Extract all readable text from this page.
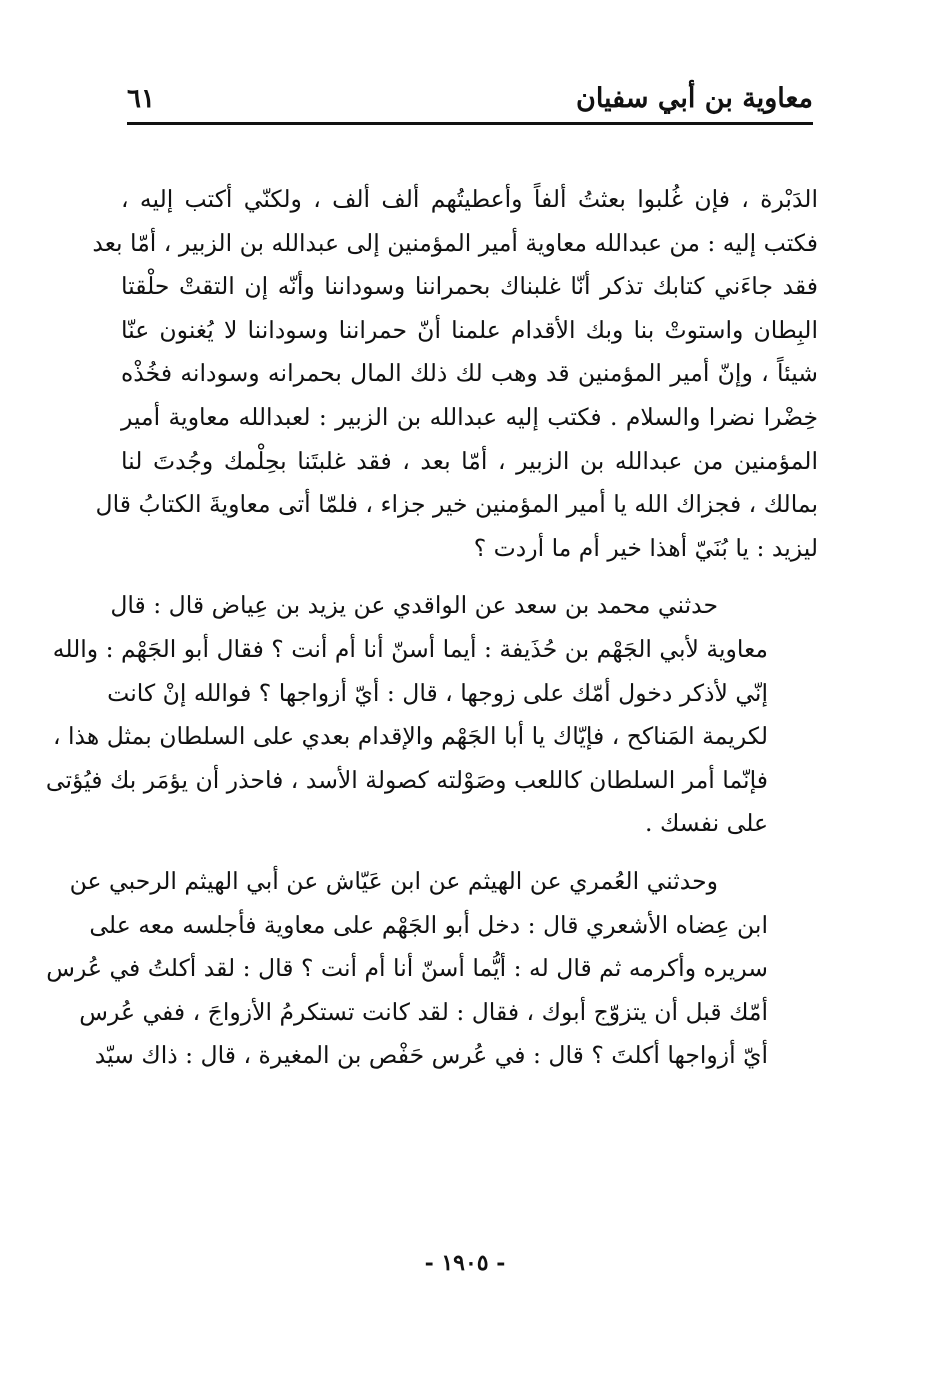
معاوية بن أبي سفيان
٦١
الدَبْرة ، فإن غُلبوا بعثتُ ألفاً وأعطيتُهم ألف ألف ، ولكنّي أكتب إليه ،
فكتب إليه : من عبدالله معاوية أمير المؤمنين إلى عبدالله بن الزبير ، أمّا بعد
فقد جاءَني كتابك تذكر أنّا غلبناك بحمراننا وسوداننا وأنّه إن التقتْ حلْقتا
البِطان واستوتْ بنا وبك الأقدام علمنا أنّ حمراننا وسوداننا لا يُغنون عنّا
شيئاً ، وإنّ أمير المؤمنين قد وهب لك ذلك المال بحمرانه وسودانه فخُذْه
خِضْرا نضرا والسلام . فكتب إليه عبدالله بن الزبير : لعبدالله معاوية أمير
المؤمنين من عبدالله بن الزبير ، أمّا بعد ، فقد غلبتَنا بحِلْمك وجُدتَ لنا
بمالك ، فجزاك الله يا أمير المؤمنين خير جزاء ، فلمّا أتى معاويةَ الكتابُ قال
ليزيد : يا بُنَيّ أهذا خير أم ما أردت ؟
حدثني محمد بن سعد عن الواقدي عن يزيد بن عِياض قال : قال
معاوية لأبي الجَهْم بن حُذَيفة : أيما أسنّ أنا أم أنت ؟ فقال أبو الجَهْم : والله
إنّي لأذكر دخول أمّك على زوجها ، قال : أيّ أزواجها ؟ فوالله إنْ كانت
لكريمة المَناكح ، فإيّاك يا أبا الجَهْم والإقدام بعدي على السلطان بمثل هذا ،
فإنّما أمر السلطان كاللعب وصَوْلته كصولة الأسد ، فاحذر أن يؤمَر بك فيُؤتى
على نفسك .
وحدثني العُمري عن الهيثم عن ابن عَيّاش عن أبي الهيثم الرحبي عن
ابن عِضاه الأشعري قال : دخل أبو الجَهْم على معاوية فأجلسه معه على
سريره وأكرمه ثم قال له : أيُّما أسنّ أنا أم أنت ؟ قال : لقد أكلتُ في عُرس
أمّك قبل أن يتزوّج أبوك ، فقال : لقد كانت تستكرمُ الأزواجَ ، ففي عُرس
أيّ أزواجها أكلتَ ؟ قال : في عُرس حَفْص بن المغيرة ، قال : ذاك سيّد
- ١٩٠٥ -
